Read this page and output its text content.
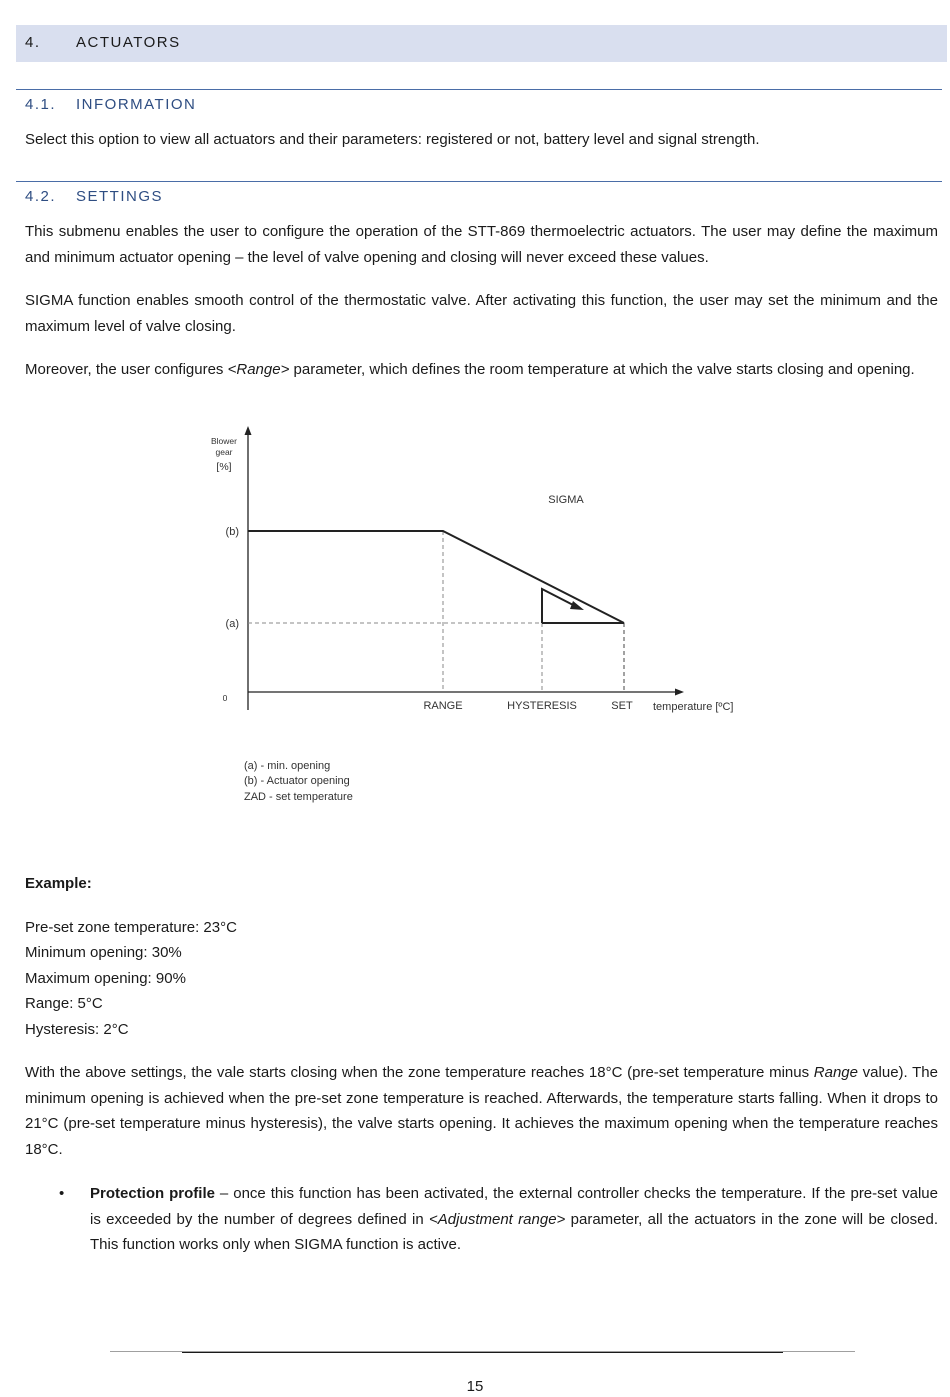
4. ACTUATORS
4.1. INFORMATION

Select this option to view all actuators and their parameters: registered or not, battery level and signal strength.

4.2. SETTINGS

This submenu enables the user to configure the operation of the STT-869 thermoelectric actuators. The user may define the maximum and minimum actuator opening – the level of valve opening and closing will never exceed these values.

SIGMA function enables smooth control of the thermostatic valve. After activating this function, the user may set the minimum and the maximum level of valve closing.

Moreover, the user configures <Range> parameter, which defines the room temperature at which the valve starts closing and opening.

Blower
gear
[%]
(b)
(a)
0
SIGMA
RANGE	HYSTERESIS	SET temperature [ºC]
(a) - min. opening
(b) - Actuator opening
ZAD - set temperature
Example:
Pre-set zone temperature: 23°C
Minimum opening: 30%
Maximum opening: 90%
Range: 5°C
Hysteresis: 2°C

With the above settings, the vale starts closing when the zone temperature reaches 18°C (pre-set temperature minus Range value). The minimum opening is achieved when the pre-set zone temperature is reached. Afterwards, the temperature starts falling. When it drops to 21°C (pre-set temperature minus hysteresis), the valve starts opening. It achieves the maximum opening when the temperature reaches 18°C.

• Protection profile – once this function has been activated, the external controller checks the temperature. If the pre-set value is exceeded by the number of degrees defined in <Adjustment range> parameter, all the actuators in the zone will be closed. This function works only when SIGMA function is active.
15
